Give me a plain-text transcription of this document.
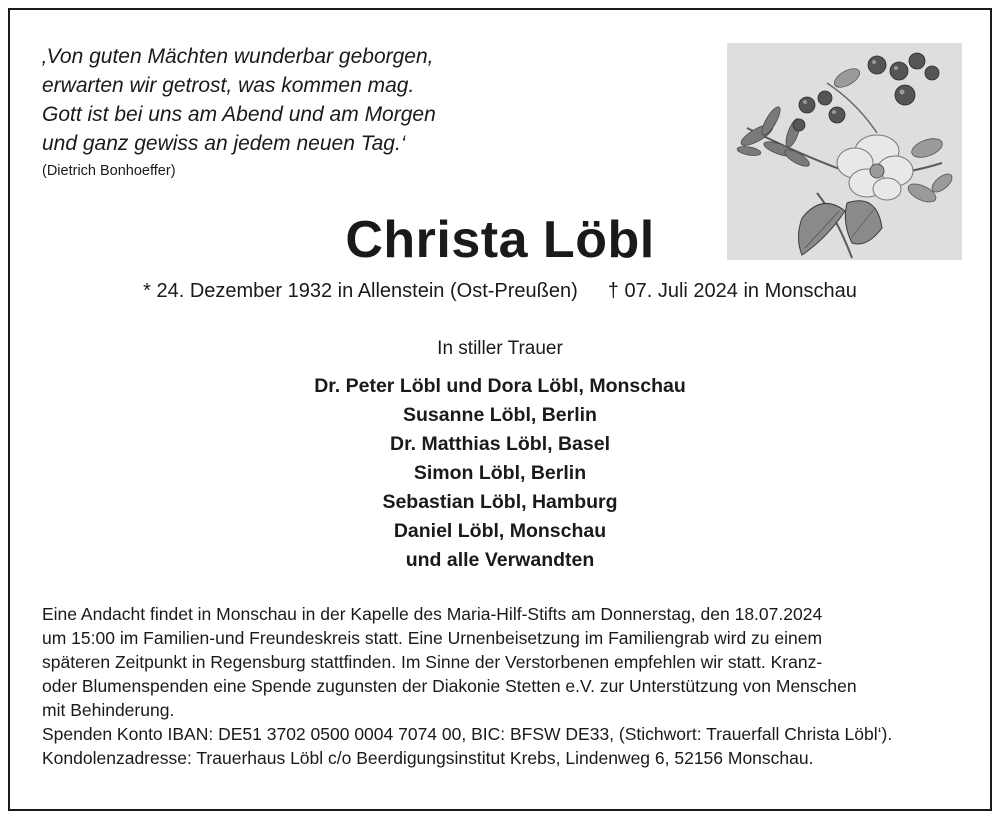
‚Von guten Mächten wunderbar geborgen,
erwarten wir getrost, was kommen mag.
Gott ist bei uns am Abend und am Morgen
und ganz gewiss an jedem neuen Tag.‘
(Dietrich Bonhoeffer)
Christa Löbl
* 24. Dezember 1932 in Allenstein (Ost-Preußen) † 07. Juli 2024 in Monschau
In stiller Trauer
Dr. Peter Löbl und Dora Löbl, Monschau
Susanne Löbl, Berlin
Dr. Matthias Löbl, Basel
Simon Löbl, Berlin
Sebastian Löbl, Hamburg
Daniel Löbl, Monschau
und alle Verwandten
Eine Andacht findet in Monschau in der Kapelle des Maria-Hilf-Stifts am Donnerstag, den 18.07.2024
um 15:00 im Familien-und Freundeskreis statt. Eine Urnenbeisetzung im Familiengrab wird zu einem
späteren Zeitpunkt in Regensburg stattfinden. Im Sinne der Verstorbenen empfehlen wir statt. Kranz-
oder Blumenspenden eine Spende zugunsten der Diakonie Stetten e.V. zur Unterstützung von Menschen
mit Behinderung.
Spenden Konto IBAN: DE51 3702 0500 0004 7074 00, BIC: BFSW DE33, (Stichwort: Trauerfall Christa Löbl‘).
Kondolenzadresse: Trauerhaus Löbl c/o Beerdigungsinstitut Krebs, Lindenweg 6, 52156 Monschau.
